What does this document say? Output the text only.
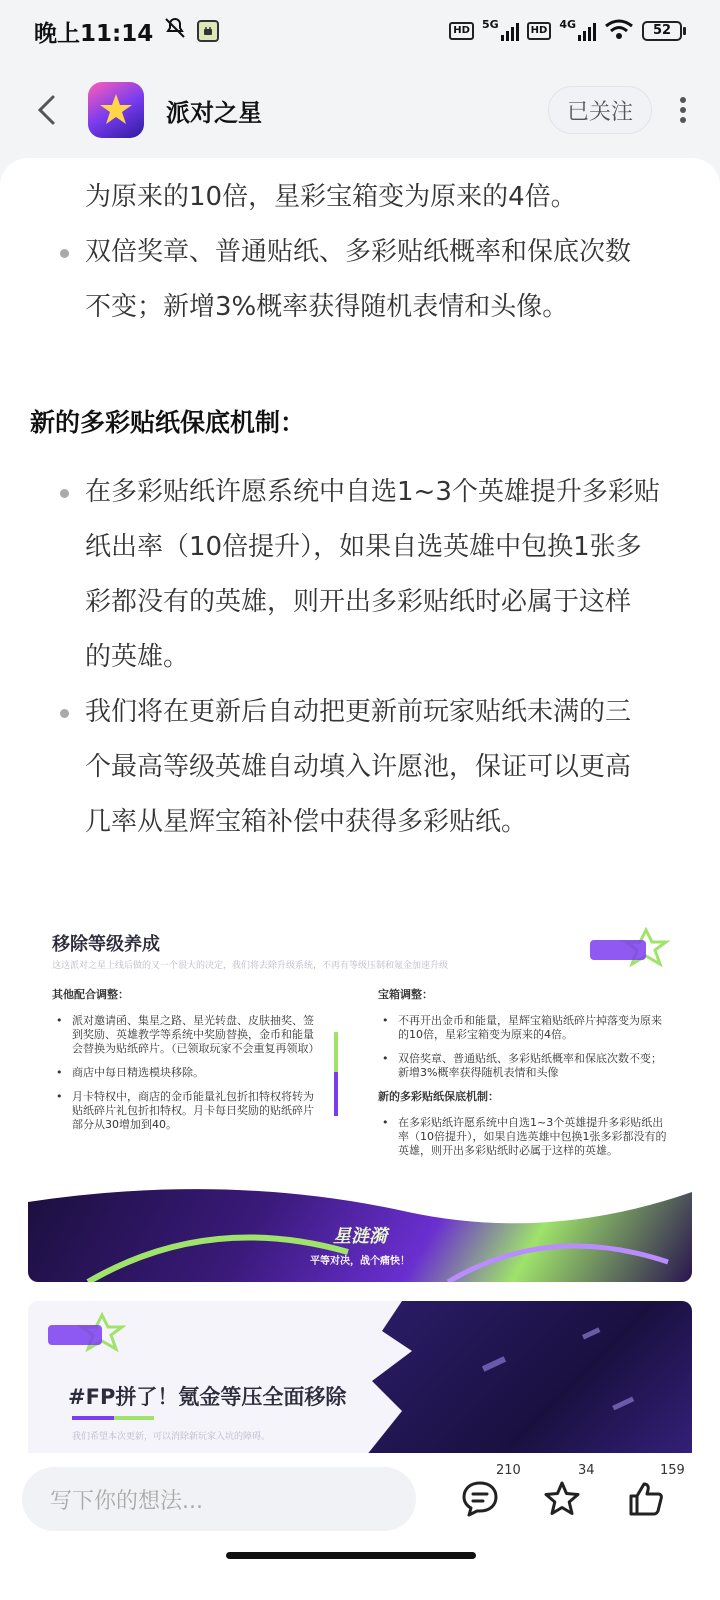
晚上11:14	HD	5G	HD	4G	52
派对之星	已关注
为原来的10倍，星彩宝箱变为原来的4倍。
双倍奖章、普通贴纸、多彩贴纸概率和保底次数
不变；新增3%概率获得随机表情和头像。
新的多彩贴纸保底机制：
在多彩贴纸许愿系统中自选1~3个英雄提升多彩贴
纸出率（10倍提升），如果自选英雄中包换1张多
彩都没有的英雄，则开出多彩贴纸时必属于这样
的英雄。
我们将在更新后自动把更新前玩家贴纸未满的三
个最高等级英雄自动填入许愿池，保证可以更高
几率从星辉宝箱补偿中获得多彩贴纸。
移除等级养成
这这派对之星上线后做的又一个很大的决定，我们将去除升级系统，不再有等级压制和氪金加速升级
其他配合调整：
• 派对邀请函、集星之路、星光转盘、皮肤抽奖、签到奖励、英雄教学等系统中奖励替换，金币和能量会替换为贴纸碎片。（已领取玩家不会重复再领取）
• 商店中每日精选模块移除。
• 月卡特权中，商店的金币能量礼包折扣特权将转为贴纸碎片礼包折扣特权。月卡每日奖励的贴纸碎片部分从30增加到40。
宝箱调整：
• 不再开出金币和能量，星辉宝箱贴纸碎片掉落变为原来的10倍，星彩宝箱变为原来的4倍。
• 双倍奖章、普通贴纸、多彩贴纸概率和保底次数不变；新增3%概率获得随机表情和头像
新的多彩贴纸保底机制：
• 在多彩贴纸许愿系统中自选1~3个英雄提升多彩贴纸出率（10倍提升），如果自选英雄中包换1张多彩都没有的英雄，则开出多彩贴纸时必属于这样的英雄。
星涟漪
平等对决，战个痛快！
#FP拼了！氪金等压全面移除
我们希望本次更新，可以消除新玩家入坑的障碍。
写下你的想法...
210	34	159
